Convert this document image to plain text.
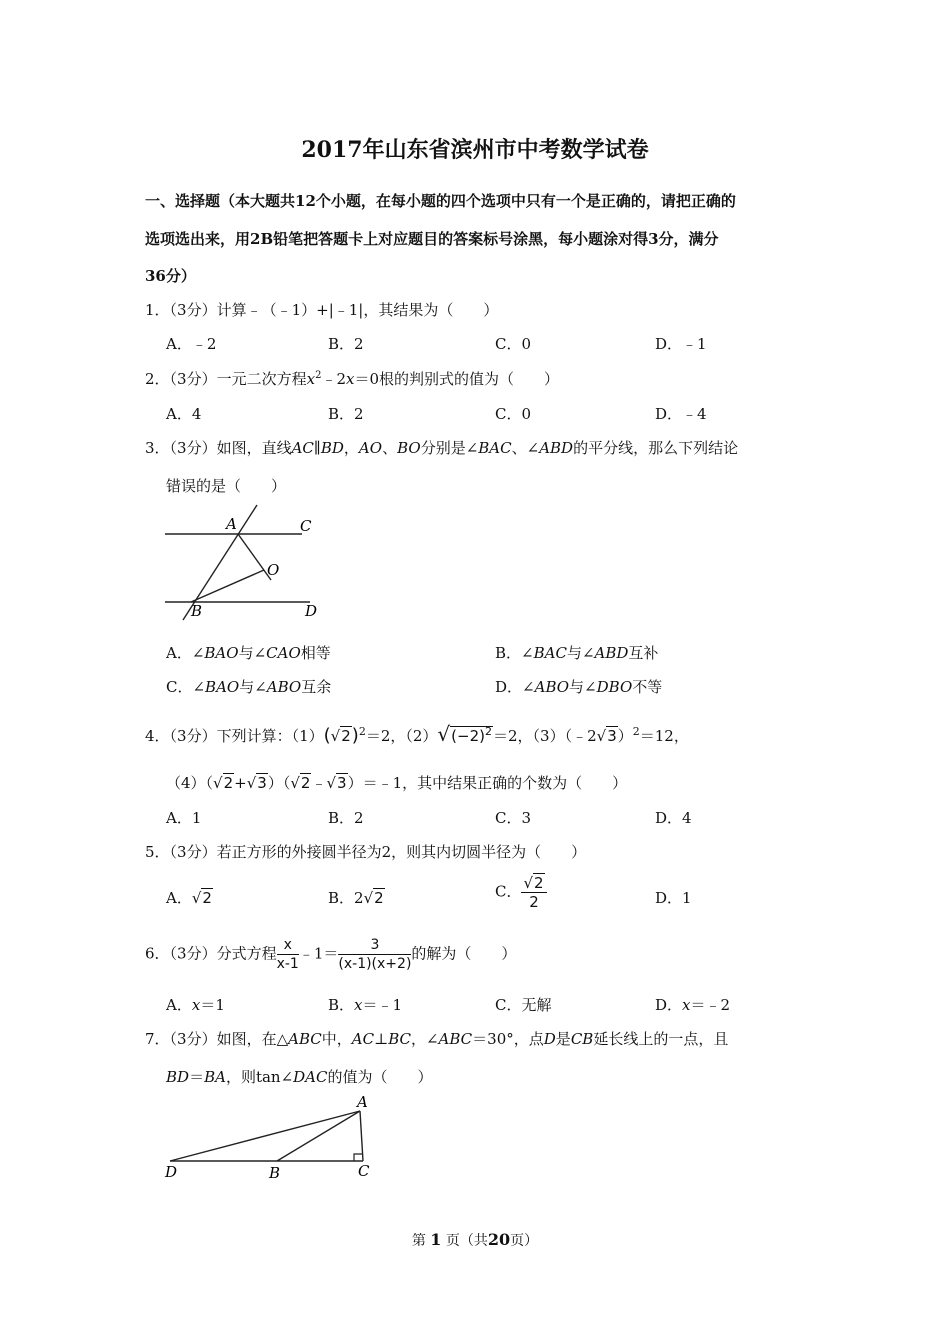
2017年山东省滨州市中考数学试卷
一、选择题（本大题共12个小题，在每小题的四个选项中只有一个是正确的，请把正确的
选项选出来，用2B铅笔把答题卡上对应题目的答案标号涂黑，每小题涂对得3分，满分
36分）
1．（3分）计算﹣（﹣1）+|﹣1|，其结果为（　　）
A．﹣2	B．2	C．0	D．﹣1
2．（3分）一元二次方程$x^2﹣2x=0$根的判别式的值为（　　）
A．4	B．2	C．0	D．﹣4
3．（3分）如图，直线AC∥BD，AO、BO分别是∠BAC、∠ABD的平分线，那么下列结论
错误的是（　　）
A	C
O
B	D
A．∠BAO与∠CAO相等	B．∠BAC与∠ABD互补
C．∠BAO与∠ABO互余	D．∠ABO与∠DBO不等
4．（3分）下列计算：$(1)(√2)^2=2$，$(2)√(-2)^2=2$，（3）（﹣2√3）$^2$＝12，
（4）（√2+√3）（√2﹣√3）＝﹣1，其中结果正确的个数为（　　）
A．1	B．2	C．3	D．4
5．（3分）若正方形的外接圆半径为2，则其内切圆半径为（　　）
A．√2	B．2√2	C． $\frac{√2}{2}$	D．1
6．（3分）分式方程 $\frac{x}{x-1}$ ﹣1＝ $\frac{3}{(x-1)(x+2)}$ 的解为（　　）
A．x＝1	B．x＝﹣1	C．无解	D．x＝﹣2
7．（3分）如图，在△ABC中，AC⊥BC，∠ABC＝30°，点D是CB延长线上的一点，且
BD＝BA，则tan∠DAC的值为（　　）
A
D	B	C
第 1 页（共20页）
